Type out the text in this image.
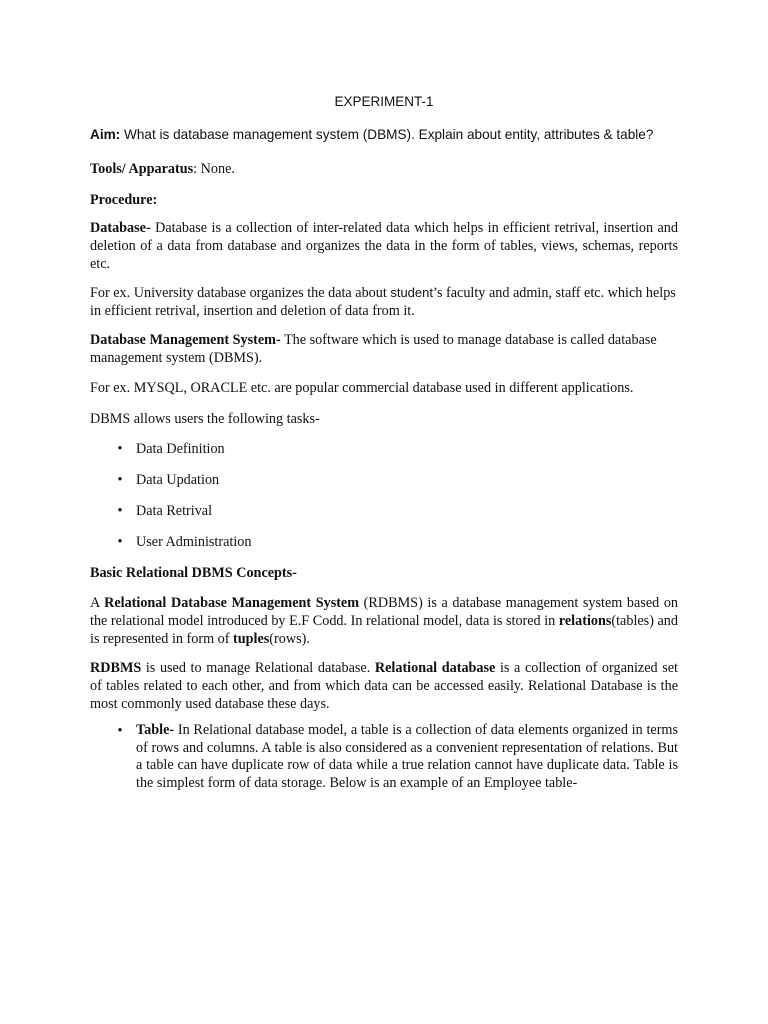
EXPERIMENT-1

Aim: What is database management system (DBMS). Explain about entity, attributes & table?

Tools/ Apparatus: None.

Procedure:

Database- Database is a collection of inter-related data which helps in efficient retrival, insertion and deletion of a data from database and organizes the data in the form of tables, views, schemas, reports etc.

For ex. University database organizes the data about student’s faculty and admin, staff etc. which helps in efficient retrival, insertion and deletion of data from it.

Database Management System- The software which is used to manage database is called database management system (DBMS).

For ex. MYSQL, ORACLE etc. are popular commercial database used in different applications.

DBMS allows users the following tasks-

• Data Definition

• Data Updation

• Data Retrival

• User Administration

Basic Relational DBMS Concepts-

A Relational Database Management System (RDBMS) is a database management system based on the relational model introduced by E.F Codd. In relational model, data is stored in relations(tables) and is represented in form of tuples(rows).

RDBMS is used to manage Relational database. Relational database is a collection of organized set of tables related to each other, and from which data can be accessed easily. Relational Database is the most commonly used database these days.

• Table- In Relational database model, a table is a collection of data elements organized in terms of rows and columns. A table is also considered as a convenient representation of relations. But a table can have duplicate row of data while a true relation cannot have duplicate data. Table is the simplest form of data storage. Below is an example of an Employee table-
